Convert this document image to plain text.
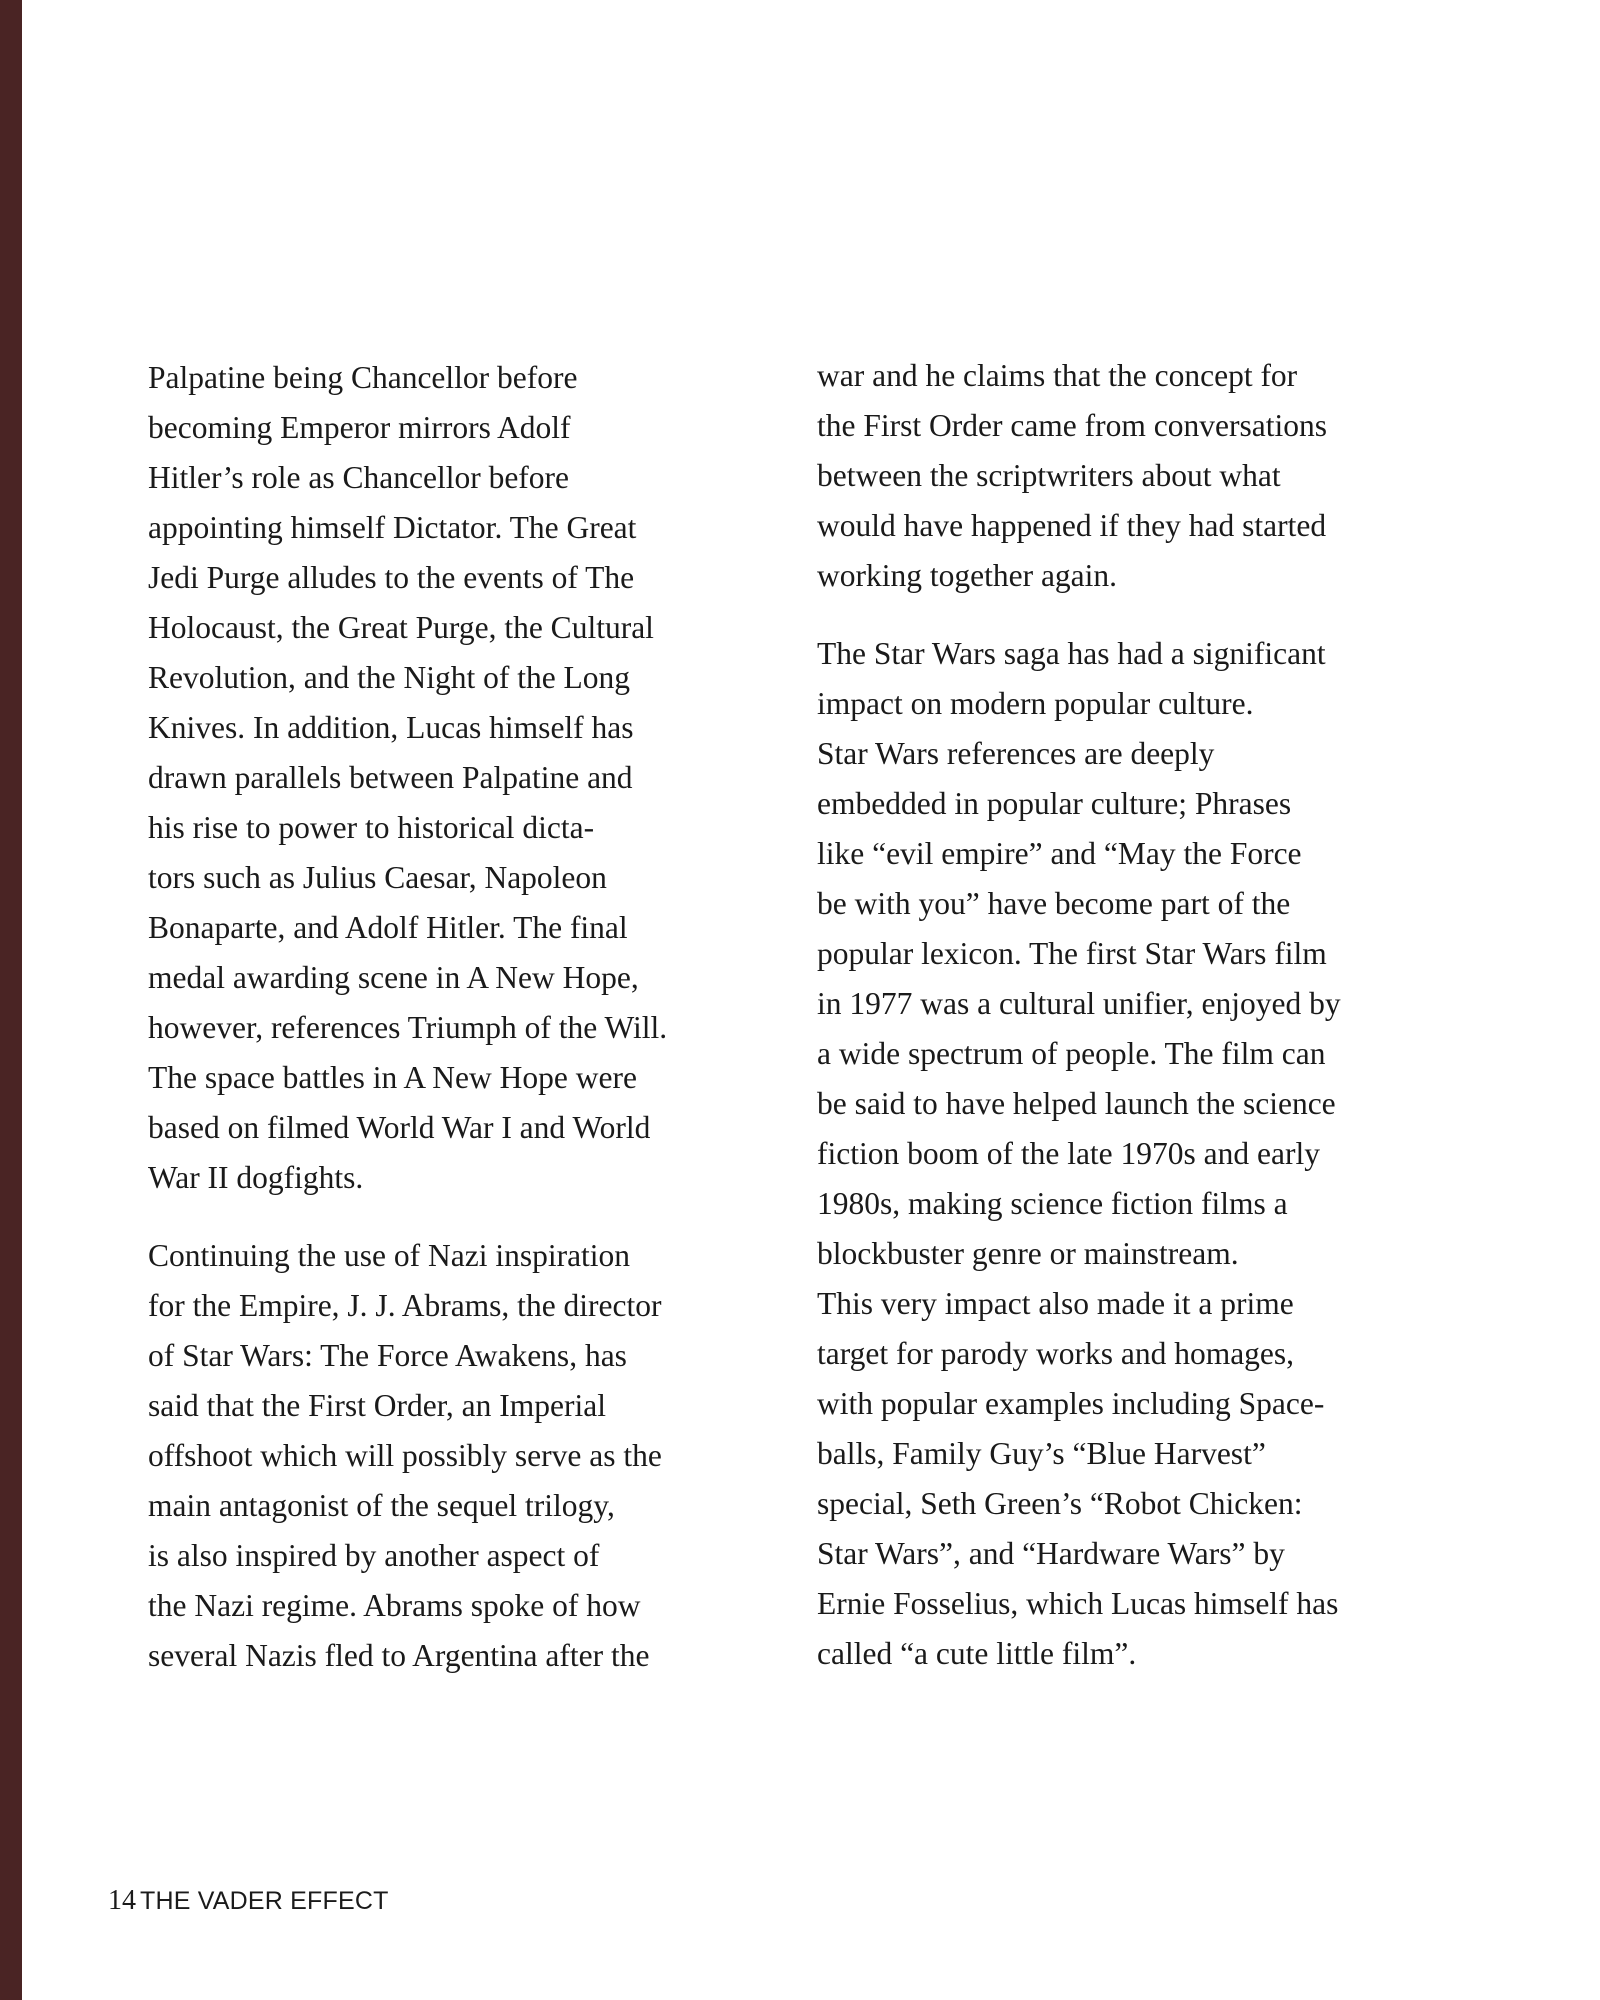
Palpatine being Chancellor before
becoming Emperor mirrors Adolf
Hitler’s role as Chancellor before
appointing himself Dictator. The Great
Jedi Purge alludes to the events of The
Holocaust, the Great Purge, the Cultural
Revolution, and the Night of the Long
Knives. In addition, Lucas himself has
drawn parallels between Palpatine and
his rise to power to historical dicta-
tors such as Julius Caesar, Napoleon
Bonaparte, and Adolf Hitler. The final
medal awarding scene in A New Hope,
however, references Triumph of the Will.
The space battles in A New Hope were
based on filmed World War I and World
War II dogfights.
Continuing the use of Nazi inspiration
for the Empire, J. J. Abrams, the director
of Star Wars: The Force Awakens, has
said that the First Order, an Imperial
offshoot which will possibly serve as the
main antagonist of the sequel trilogy,
is also inspired by another aspect of
the Nazi regime. Abrams spoke of how
several Nazis fled to Argentina after the
war and he claims that the concept for
the First Order came from conversations
between the scriptwriters about what
would have happened if they had started
working together again.
The Star Wars saga has had a significant
impact on modern popular culture.
Star Wars references are deeply
embedded in popular culture; Phrases
like “evil empire” and “May the Force
be with you” have become part of the
popular lexicon. The first Star Wars film
in 1977 was a cultural unifier, enjoyed by
a wide spectrum of people. The film can
be said to have helped launch the science
fiction boom of the late 1970s and early
1980s, making science fiction films a
blockbuster genre or mainstream.
This very impact also made it a prime
target for parody works and homages,
with popular examples including Space-
balls, Family Guy’s “Blue Harvest”
special, Seth Green’s “Robot Chicken:
Star Wars”, and “Hardware Wars” by
Ernie Fosselius, which Lucas himself has
called “a cute little film”.
14 THE VADER EFFECT
